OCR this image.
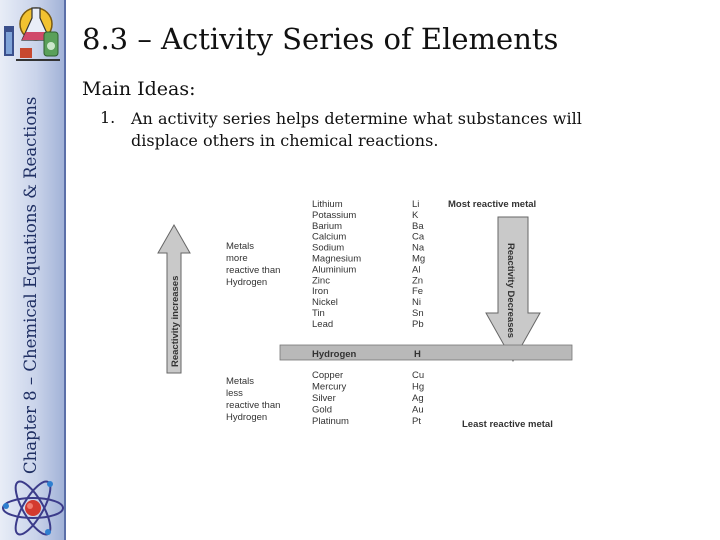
Chapter 8 – Chemical Equations & Reactions
8.3 – Activity Series of Elements
Main Ideas:
1. An activity series helps determine what substances will displace others in chemical reactions.
Reactivity increases	Reactivity Decreases
Most reactive metal
Least reactive metal
Metals
more
reactive than
Hydrogen
Metals
less
reactive than
Hydrogen
Hydrogen	H
Lithium	Li
Potassium	K
Barium	Ba
Calcium	Ca
Sodium	Na
Magnesium	Mg
Aluminium	Al
Zinc	Zn
Iron	Fe
Nickel	Ni
Tin	Sn
Lead	Pb
Copper	Cu
Mercury	Hg
Silver	Ag
Gold	Au
Platinum	Pt
